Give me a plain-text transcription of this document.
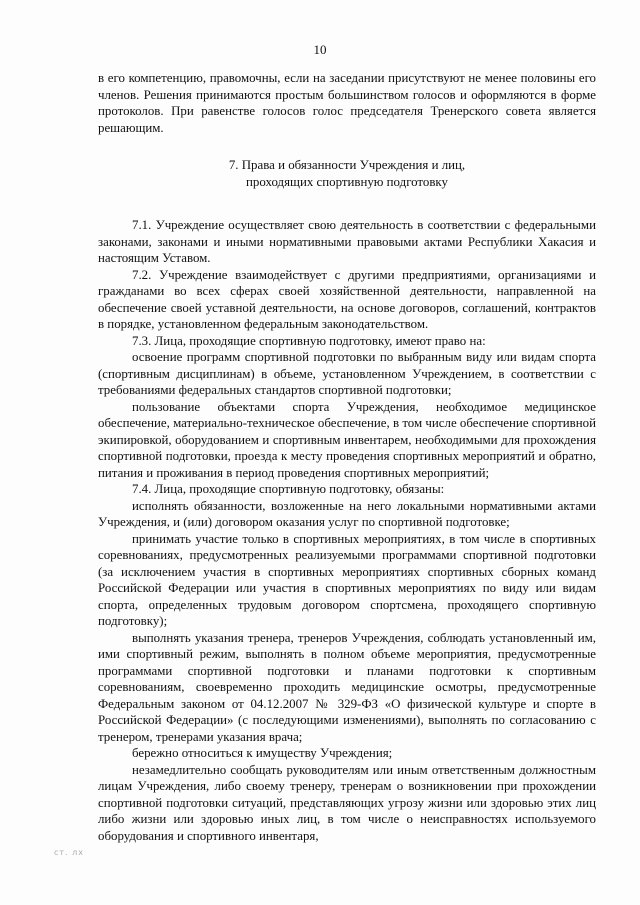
10

в его компетенцию, правомочны, если на заседании присутствуют не менее половины его членов. Решения принимаются простым большинством голосов и оформляются в форме протоколов. При равенстве голосов голос председателя Тренерского совета является решающим.

7. Права и обязанности Учреждения и лиц,
проходящих спортивную подготовку

7.1. Учреждение осуществляет свою деятельность в соответствии с федеральными законами, законами и иными нормативными правовыми актами Республики Хакасия и настоящим Уставом.

7.2. Учреждение взаимодействует с другими предприятиями, организациями и гражданами во всех сферах своей хозяйственной деятельности, направленной на обеспечение своей уставной деятельности, на основе договоров, соглашений, контрактов в порядке, установленном федеральным законодательством.

7.3. Лица, проходящие спортивную подготовку, имеют право на:

освоение программ спортивной подготовки по выбранным виду или видам спорта (спортивным дисциплинам) в объеме, установленном Учреждением, в соответствии с требованиями федеральных стандартов спортивной подготовки;

пользование объектами спорта Учреждения, необходимое медицинское обеспечение, материально-техническое обеспечение, в том числе обеспечение спортивной экипировкой, оборудованием и спортивным инвентарем, необходимыми для прохождения спортивной подготовки, проезда к месту проведения спортивных мероприятий и обратно, питания и проживания в период проведения спортивных мероприятий;

7.4. Лица, проходящие спортивную подготовку, обязаны:

исполнять обязанности, возложенные на него локальными нормативными актами Учреждения, и (или) договором оказания услуг по спортивной подготовке;

принимать участие только в спортивных мероприятиях, в том числе в спортивных соревнованиях, предусмотренных реализуемыми программами спортивной подготовки (за исключением участия в спортивных мероприятиях спортивных сборных команд Российской Федерации или участия в спортивных мероприятиях по виду или видам спорта, определенных трудовым договором спортсмена, проходящего спортивную подготовку);

выполнять указания тренера, тренеров Учреждения, соблюдать установленный им, ими спортивный режим, выполнять в полном объеме мероприятия, предусмотренные программами спортивной подготовки и планами подготовки к спортивным соревнованиям, своевременно проходить медицинские осмотры, предусмотренные Федеральным законом от 04.12.2007 № 329-ФЗ «О физической культуре и спорте в Российской Федерации» (с последующими изменениями), выполнять по согласованию с тренером, тренерами указания врача;

бережно относиться к имуществу Учреждения;

незамедлительно сообщать руководителям или иным ответственным должностным лицам Учреждения, либо своему тренеру, тренерам о возникновении при прохождении спортивной подготовки ситуаций, представляющих угрозу жизни или здоровью этих лиц либо жизни или здоровью иных лиц, в том числе о неисправностях используемого оборудования и спортивного инвентаря,

ст. лх
